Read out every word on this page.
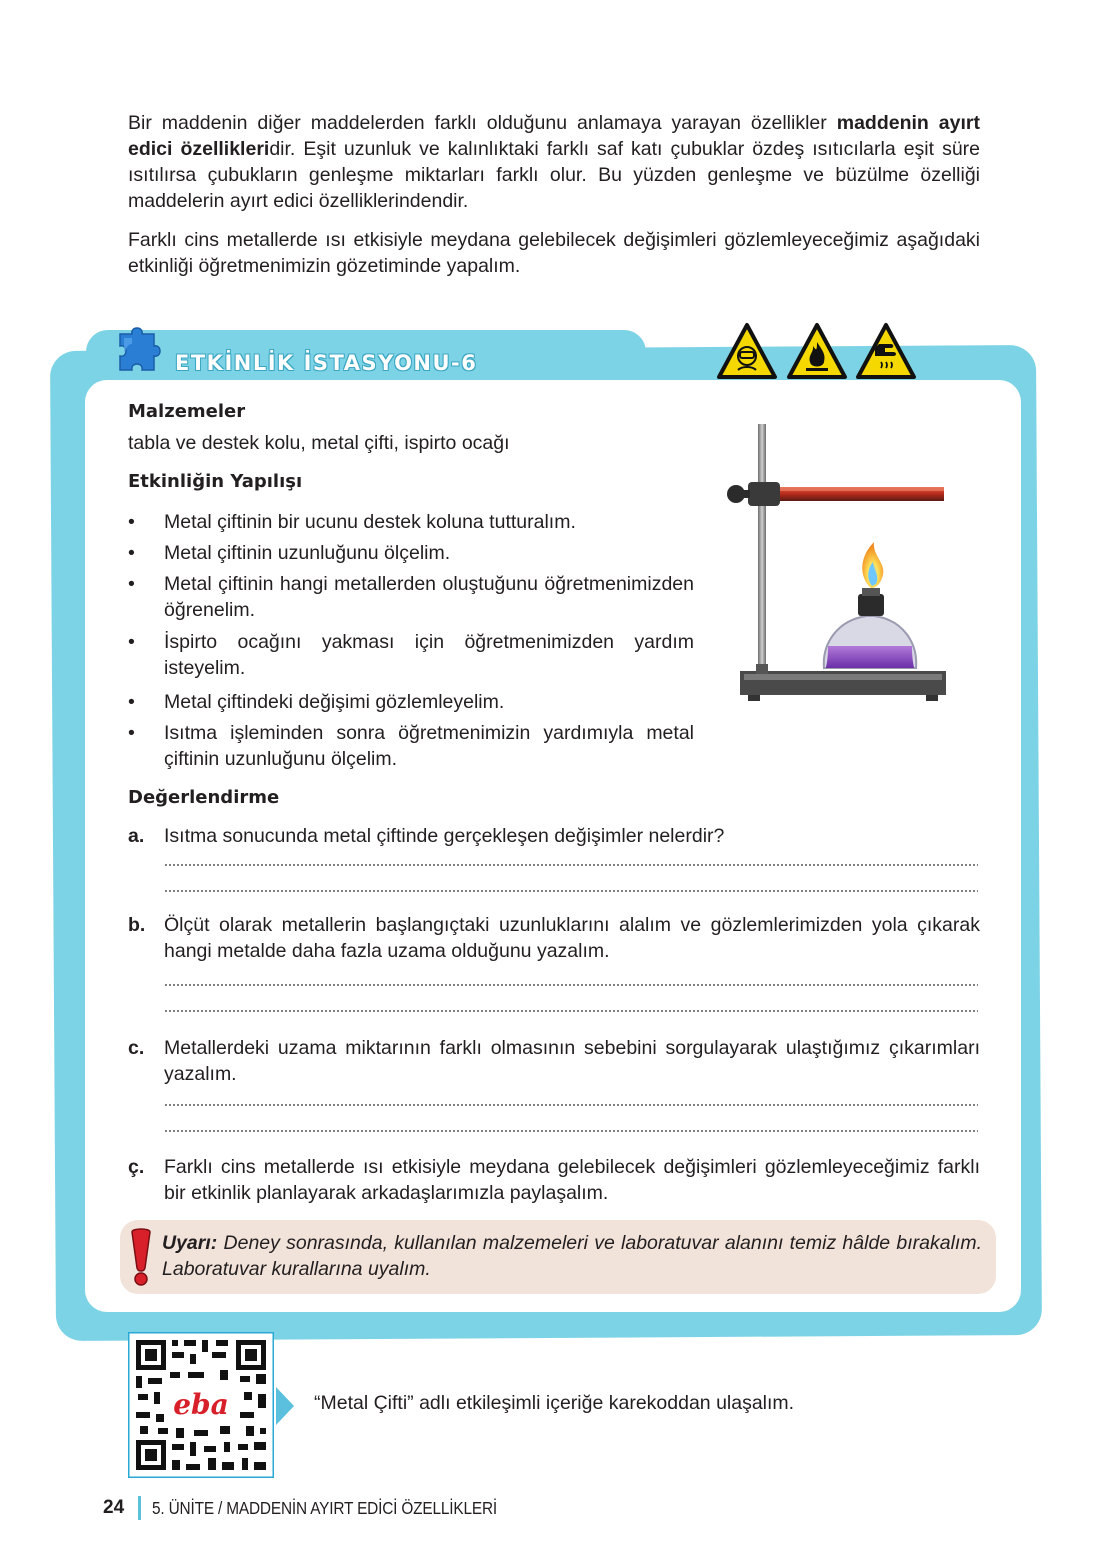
Bir maddenin diğer maddelerden farklı olduğunu anlamaya yarayan özellikler maddenin ayırt edici özellikleridir. Eşit uzunluk ve kalınlıktaki farklı saf katı çubuklar özdeş ısıtıcılarla eşit süre ısıtılırsa çubukların genleşme miktarları farklı olur. Bu yüzden genleşme ve büzülme özelliği maddelerin ayırt edici özelliklerindendir.

Farklı cins metallerde ısı etkisiyle meydana gelebilecek değişimleri gözlemleyeceğimiz aşağıdaki etkinliği öğretmenimizin gözetiminde yapalım.

ETKİNLİK İSTASYONU-6
Malzemeler
tabla ve destek kolu, metal çifti, ispirto ocağı
Etkinliğin Yapılışı
•	Metal çiftinin bir ucunu destek koluna tutturalım.
•	Metal çiftinin uzunluğunu ölçelim.
•	Metal çiftinin hangi metallerden oluştuğunu öğretmenimizden öğrenelim.
•	İspirto ocağını yakması için öğretmenimizden yardım isteyelim.
•	Metal çiftindeki değişimi gözlemleyelim.
•	Isıtma işleminden sonra öğretmenimizin yardımıyla metal çiftinin uzunluğunu ölçelim.
Değerlendirme
a. Isıtma sonucunda metal çiftinde gerçekleşen değişimler nelerdir?
b. Ölçüt olarak metallerin başlangıçtaki uzunluklarını alalım ve gözlemlerimizden yola çıkarak hangi metalde daha fazla uzama olduğunu yazalım.
c. Metallerdeki uzama miktarının farklı olmasının sebebini sorgulayarak ulaştığımız çıkarımları yazalım.
ç. Farklı cins metallerde ısı etkisiyle meydana gelebilecek değişimleri gözlemleyeceğimiz farklı bir etkinlik planlayarak arkadaşlarımızla paylaşalım.
Uyarı: Deney sonrasında, kullanılan malzemeleri ve laboratuvar alanını temiz hâlde bırakalım. Laboratuvar kurallarına uyalım.
eba	“Metal Çifti” adlı etkileşimli içeriğe karekoddan ulaşalım.
24 5. ÜNİTE / MADDENİN AYIRT EDİCİ ÖZELLİKLERİ
